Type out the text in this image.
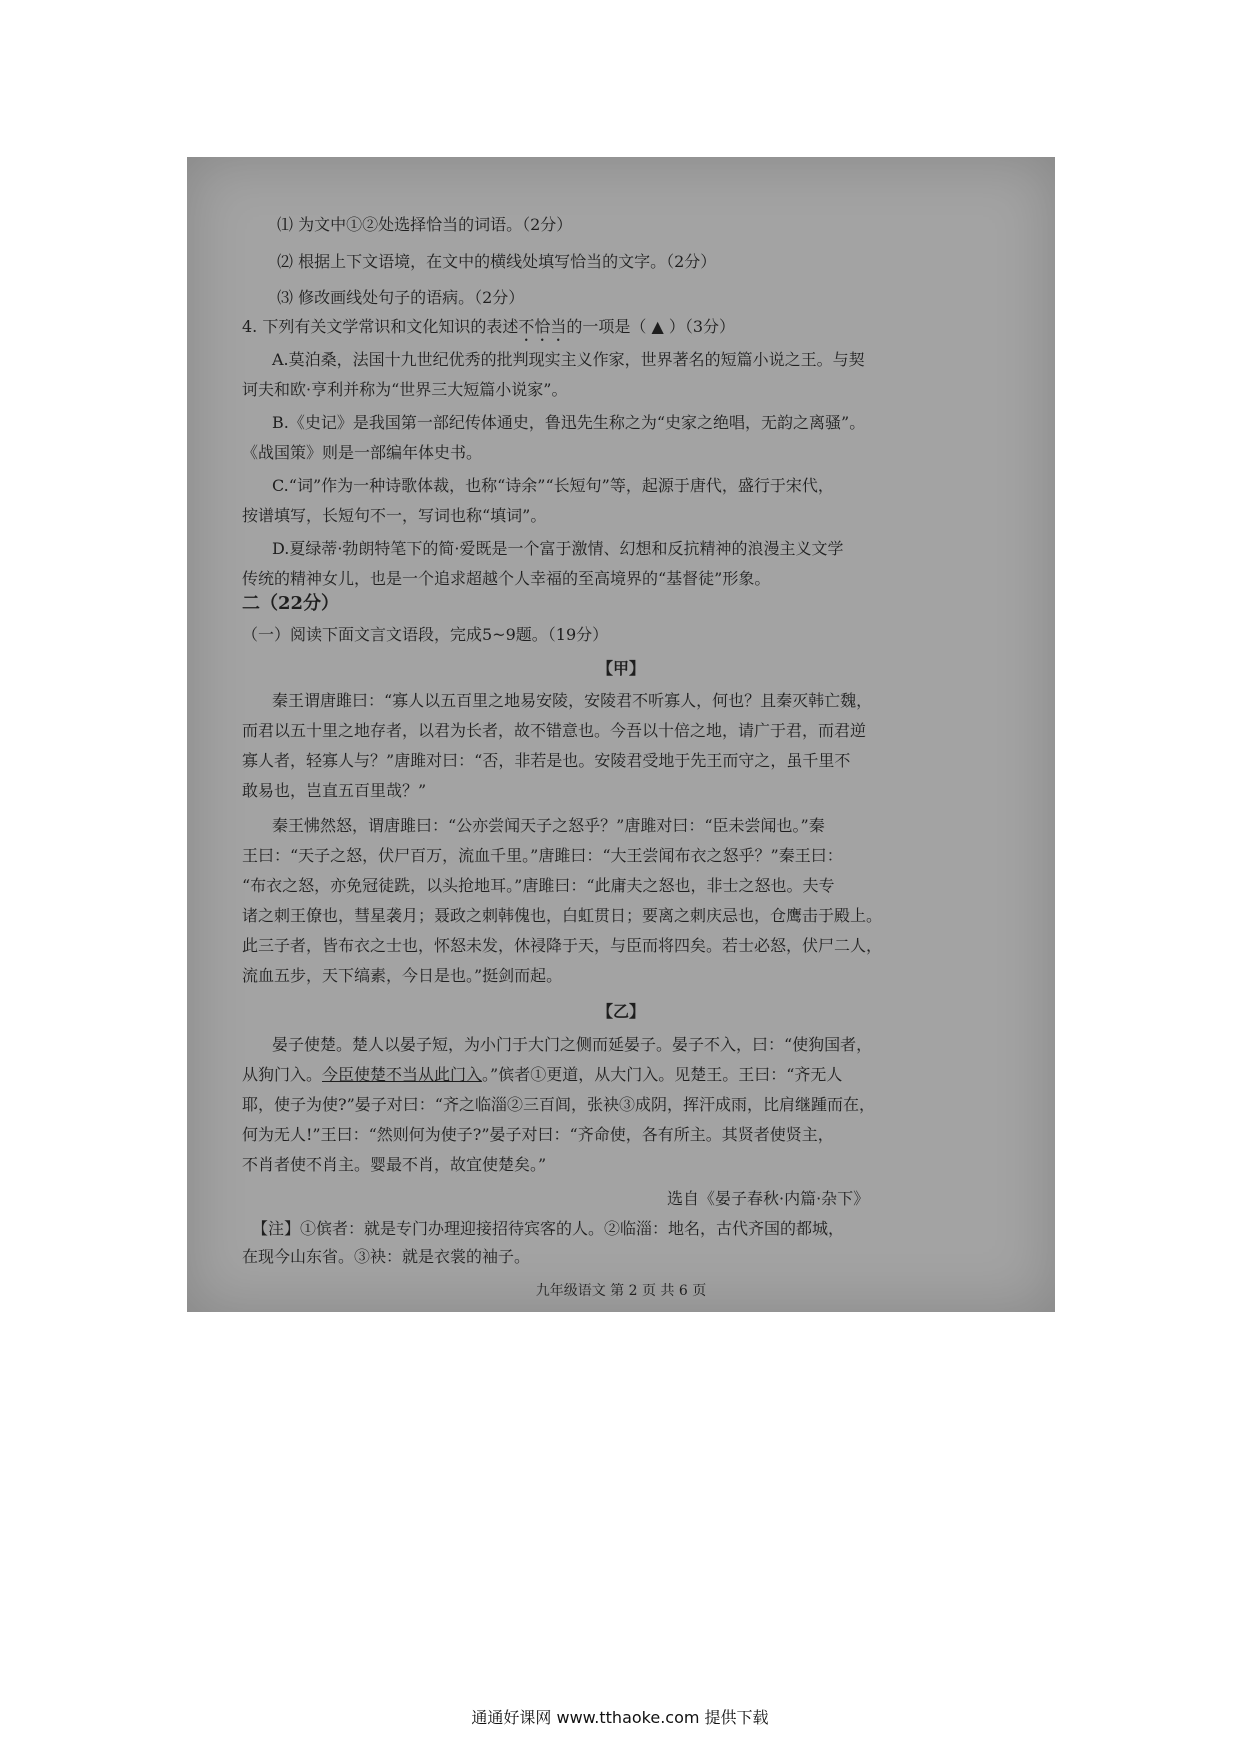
⑴ 为文中①②处选择恰当的词语。（2分）
⑵ 根据上下文语境，在文中的横线处填写恰当的文字。（2分）
⑶ 修改画线处句子的语病。（2分）
4. 下列有关文学常识和文化知识的表述不恰当的一项是（ ▲ ）（3分）
A.莫泊桑，法国十九世纪优秀的批判现实主义作家，世界著名的短篇小说之王。与契
诃夫和欧·亨利并称为“世界三大短篇小说家”。
B.《史记》是我国第一部纪传体通史，鲁迅先生称之为“史家之绝唱，无韵之离骚”。
《战国策》则是一部编年体史书。
C.“词”作为一种诗歌体裁，也称“诗余”“长短句”等，起源于唐代，盛行于宋代，
按谱填写，长短句不一，写词也称“填词”。
D.夏绿蒂·勃朗特笔下的简·爱既是一个富于激情、幻想和反抗精神的浪漫主义文学
传统的精神女儿，也是一个追求超越个人幸福的至高境界的“基督徒”形象。
二（22分）
（一）阅读下面文言文语段，完成5~9题。（19分）
【甲】
秦王谓唐雎曰：“寡人以五百里之地易安陵，安陵君不听寡人，何也？且秦灭韩亡魏，
而君以五十里之地存者，以君为长者，故不错意也。今吾以十倍之地，请广于君，而君逆
寡人者，轻寡人与？”唐雎对曰：“否，非若是也。安陵君受地于先王而守之，虽千里不
敢易也，岂直五百里哉？”
秦王怫然怒，谓唐雎曰：“公亦尝闻天子之怒乎？”唐雎对曰：“臣未尝闻也。”秦
王曰：“天子之怒，伏尸百万，流血千里。”唐雎曰：“大王尝闻布衣之怒乎？”秦王曰：
“布衣之怒，亦免冠徒跣，以头抢地耳。”唐雎曰：“此庸夫之怒也，非士之怒也。夫专
诸之刺王僚也，彗星袭月；聂政之刺韩傀也，白虹贯日；要离之刺庆忌也，仓鹰击于殿上。
此三子者，皆布衣之士也，怀怒未发，休祲降于天，与臣而将四矣。若士必怒，伏尸二人，
流血五步，天下缟素，今日是也。”挺剑而起。
【乙】
晏子使楚。楚人以晏子短，为小门于大门之侧而延晏子。晏子不入，曰：“使狗国者，
从狗门入。今臣使楚不当从此门入。”傧者①更道，从大门入。见楚王。王曰：“齐无人
耶，使子为使?”晏子对曰：“齐之临淄②三百闾，张袂③成阴，挥汗成雨，比肩继踵而在，
何为无人!”王曰：“然则何为使子?”晏子对曰：“齐命使，各有所主。其贤者使贤主，
不肖者使不肖主。婴最不肖，故宜使楚矣。”
选自《晏子春秋·内篇·杂下》
【注】①傧者：就是专门办理迎接招待宾客的人。②临淄：地名，古代齐国的都城，
在现今山东省。③袂：就是衣裳的袖子。
九年级语文 第 2 页 共 6 页
通通好课网 www.tthaoke.com 提供下载
